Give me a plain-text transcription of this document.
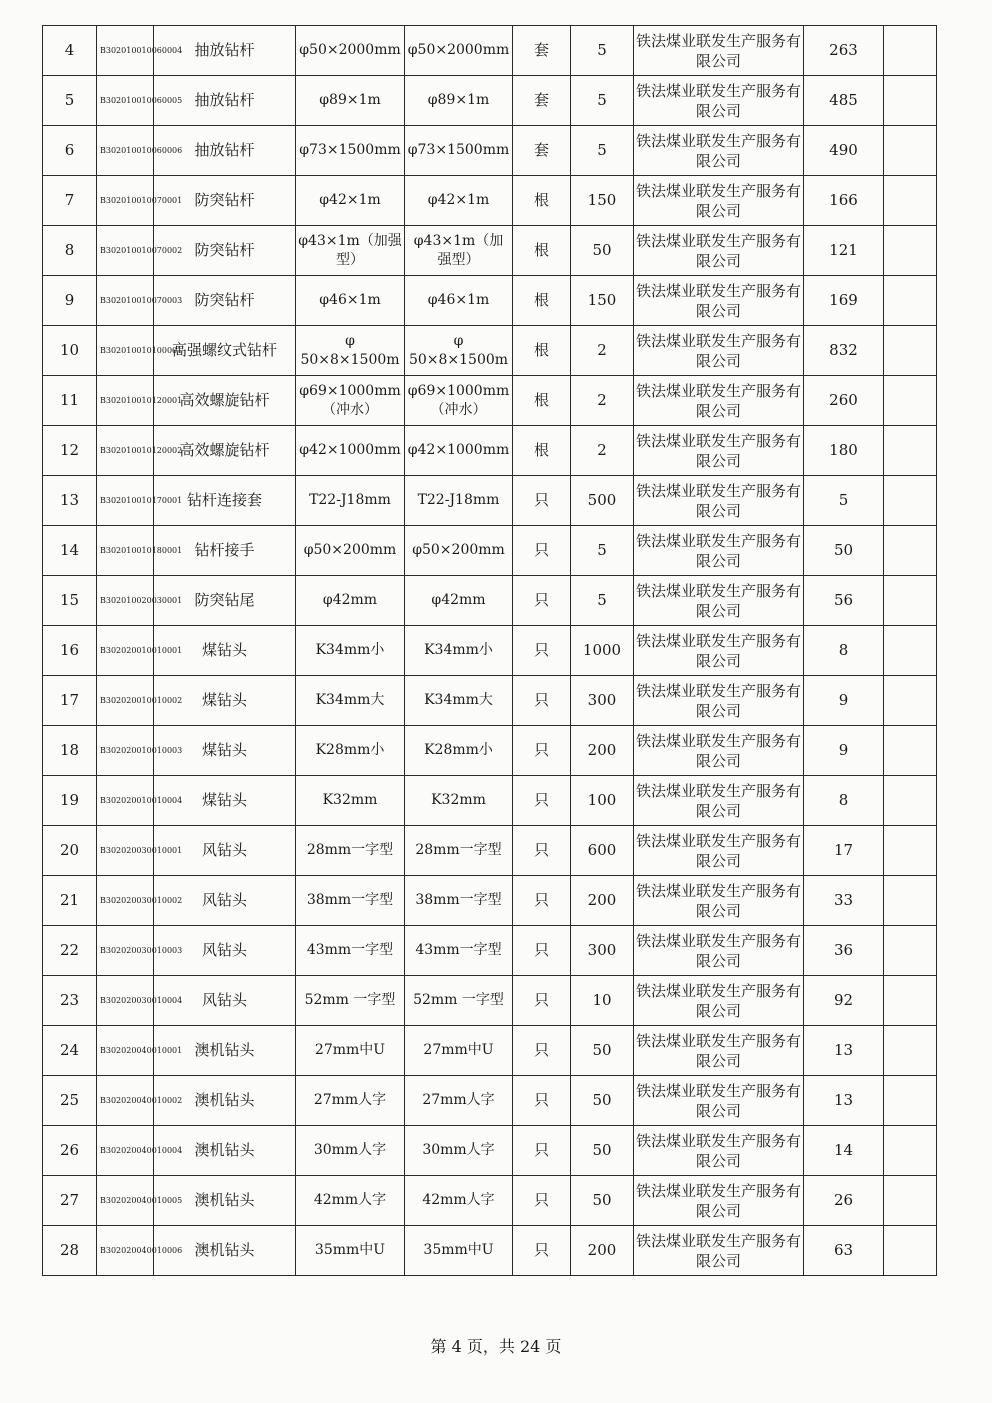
4	B302010010060004	抽放钻杆	φ50×2000mm	φ50×2000mm	套	5	铁法煤业联发生产服务有限公司	263	
5	B302010010060005	抽放钻杆	φ89×1m	φ89×1m	套	5	铁法煤业联发生产服务有限公司	485	
6	B302010010060006	抽放钻杆	φ73×1500mm	φ73×1500mm	套	5	铁法煤业联发生产服务有限公司	490	
7	B302010010070001	防突钻杆	φ42×1m	φ42×1m	根	150	铁法煤业联发生产服务有限公司	166	
8	B302010010070002	防突钻杆	φ43×1m（加强型）	φ43×1m（加强型）	根	50	铁法煤业联发生产服务有限公司	121	
9	B302010010070003	防突钻杆	φ46×1m	φ46×1m	根	150	铁法煤业联发生产服务有限公司	169	
10	B302010010100001	高强螺纹式钻杆	φ 50×8×1500m	φ 50×8×1500m	根	2	铁法煤业联发生产服务有限公司	832	
11	B302010010120001	高效螺旋钻杆	φ69×1000mm（冲水）	φ69×1000mm（冲水）	根	2	铁法煤业联发生产服务有限公司	260	
12	B302010010120002	高效螺旋钻杆	φ42×1000mm	φ42×1000mm	根	2	铁法煤业联发生产服务有限公司	180	
13	B302010010170001	钻杆连接套	T22-J18mm	T22-J18mm	只	500	铁法煤业联发生产服务有限公司	5	
14	B302010010180001	钻杆接手	φ50×200mm	φ50×200mm	只	5	铁法煤业联发生产服务有限公司	50	
15	B302010020030001	防突钻尾	φ42mm	φ42mm	只	5	铁法煤业联发生产服务有限公司	56	
16	B302020010010001	煤钻头	K34mm小	K34mm小	只	1000	铁法煤业联发生产服务有限公司	8	
17	B302020010010002	煤钻头	K34mm大	K34mm大	只	300	铁法煤业联发生产服务有限公司	9	
18	B302020010010003	煤钻头	K28mm小	K28mm小	只	200	铁法煤业联发生产服务有限公司	9	
19	B302020010010004	煤钻头	K32mm	K32mm	只	100	铁法煤业联发生产服务有限公司	8	
20	B302020030010001	风钻头	28mm一字型	28mm一字型	只	600	铁法煤业联发生产服务有限公司	17	
21	B302020030010002	风钻头	38mm一字型	38mm一字型	只	200	铁法煤业联发生产服务有限公司	33	
22	B302020030010003	风钻头	43mm一字型	43mm一字型	只	300	铁法煤业联发生产服务有限公司	36	
23	B302020030010004	风钻头	52mm 一字型	52mm 一字型	只	10	铁法煤业联发生产服务有限公司	92	
24	B302020040010001	澳机钻头	27mm中U	27mm中U	只	50	铁法煤业联发生产服务有限公司	13	
25	B302020040010002	澳机钻头	27mm人字	27mm人字	只	50	铁法煤业联发生产服务有限公司	13	
26	B302020040010004	澳机钻头	30mm人字	30mm人字	只	50	铁法煤业联发生产服务有限公司	14	
27	B302020040010005	澳机钻头	42mm人字	42mm人字	只	50	铁法煤业联发生产服务有限公司	26	
28	B302020040010006	澳机钻头	35mm中U	35mm中U	只	200	铁法煤业联发生产服务有限公司	63	
第 4 页，共 24 页
